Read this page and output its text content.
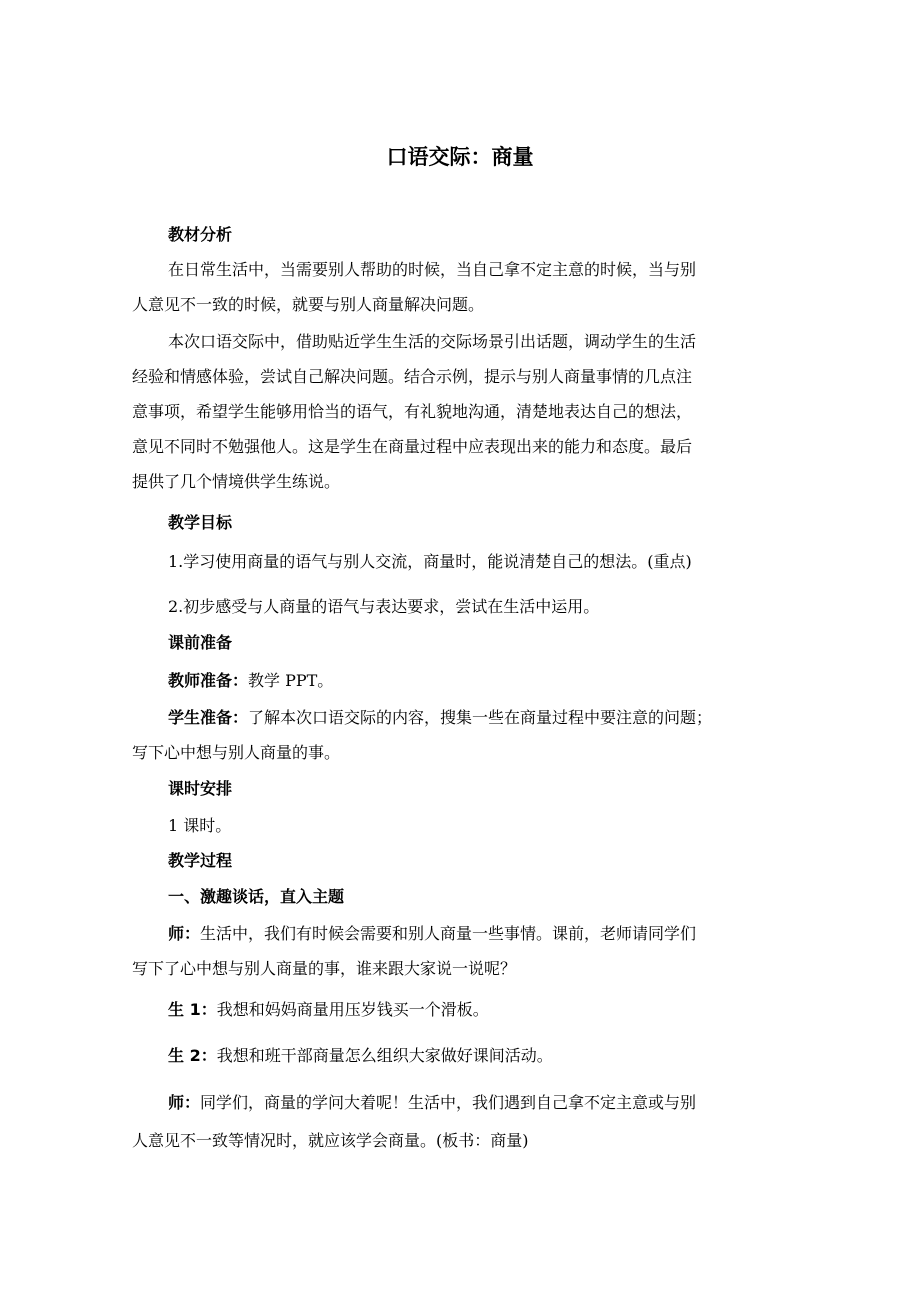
口语交际：商量

教材分析

在日常生活中，当需要别人帮助的时候，当自己拿不定主意的时候，当与别

人意见不一致的时候，就要与别人商量解决问题。

本次口语交际中，借助贴近学生生活的交际场景引出话题，调动学生的生活

经验和情感体验，尝试自己解决问题。结合示例，提示与别人商量事情的几点注

意事项，希望学生能够用恰当的语气，有礼貌地沟通，清楚地表达自己的想法，

意见不同时不勉强他人。这是学生在商量过程中应表现出来的能力和态度。最后

提供了几个情境供学生练说。

教学目标

1.学习使用商量的语气与别人交流，商量时，能说清楚自己的想法。(重点)

2.初步感受与人商量的语气与表达要求，尝试在生活中运用。

课前准备

教师准备：教学 PPT。

学生准备：了解本次口语交际的内容，搜集一些在商量过程中要注意的问题；

写下心中想与别人商量的事。

课时安排

1 课时。

教学过程

一、激趣谈话，直入主题

师：生活中，我们有时候会需要和别人商量一些事情。课前，老师请同学们

写下了心中想与别人商量的事，谁来跟大家说一说呢？

生 1：我想和妈妈商量用压岁钱买一个滑板。

生 2：我想和班干部商量怎么组织大家做好课间活动。

师：同学们，商量的学问大着呢！生活中，我们遇到自己拿不定主意或与别

人意见不一致等情况时，就应该学会商量。(板书：商量)
